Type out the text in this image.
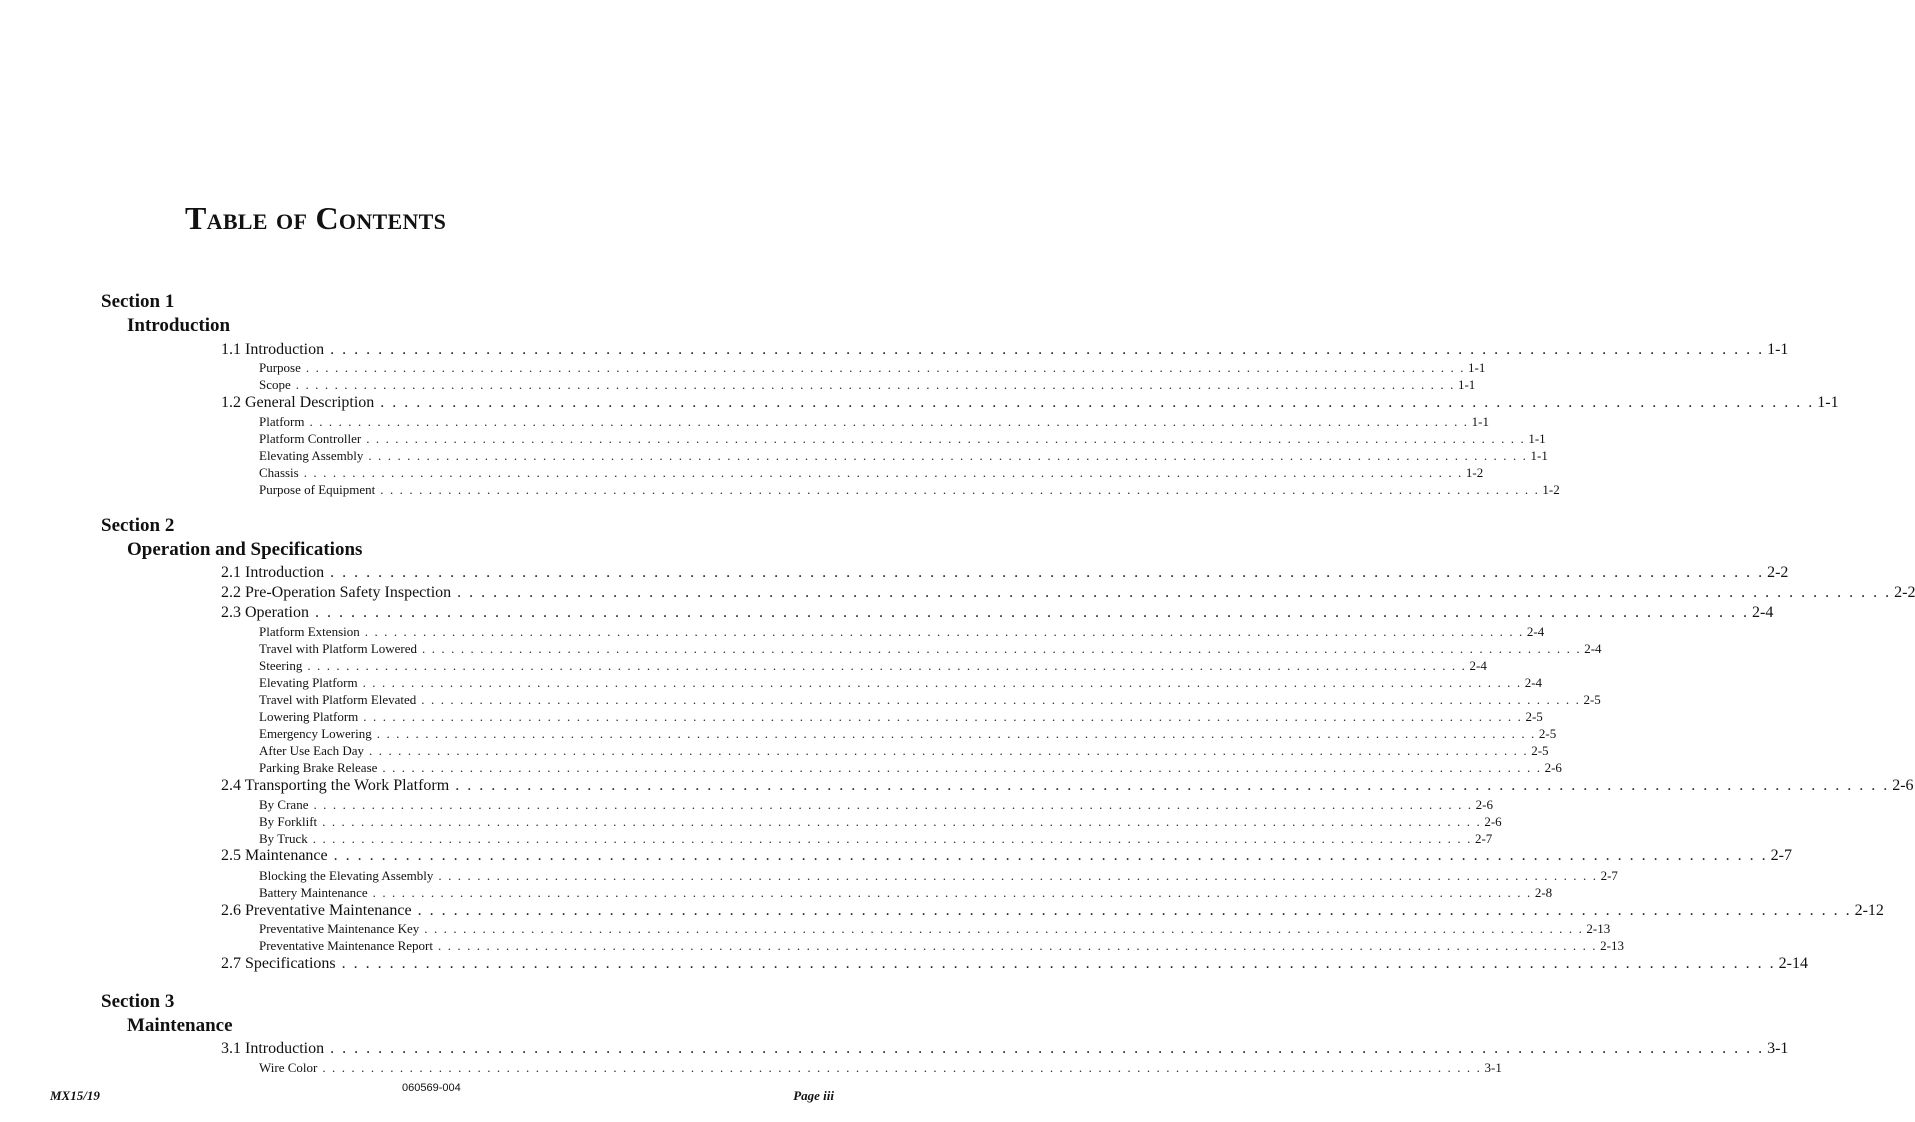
Table of Contents
Section 1
Introduction
1.1 Introduction . . . . . . . . . . . . . . . . . . . . . . . . . . . . . . . . . . . . . . . . . . . . . . . . . . . . . . . . . . . . . . . . . . . . . . . . . . . . . . . . . . . . . . . . . . . . . . . . . . . . . . . . . . . . . . . . . . . . . . . . 1-1
Purpose . . . . . . . . . . . . . . . . . . . . . . . . . . . . . . . . . . . . . . . . . . . . . . . . . . . . . . . . . . . . . . . . . . . . . . . . . . . . . . . . . . . . . . . . . . . . . . . . . . . . . . . . . . . . . . . . . . . . . . . . 1-1
Scope . . . . . . . . . . . . . . . . . . . . . . . . . . . . . . . . . . . . . . . . . . . . . . . . . . . . . . . . . . . . . . . . . . . . . . . . . . . . . . . . . . . . . . . . . . . . . . . . . . . . . . . . . . . . . . . . . . . . . . . . 1-1
1.2 General Description . . . . . . . . . . . . . . . . . . . . . . . . . . . . . . . . . . . . . . . . . . . . . . . . . . . . . . . . . . . . . . . . . . . . . . . . . . . . . . . . . . . . . . . . . . . . . . . . . . . . . . . . . . . . . . . . . . . . . . . . 1-1
Platform . . . . . . . . . . . . . . . . . . . . . . . . . . . . . . . . . . . . . . . . . . . . . . . . . . . . . . . . . . . . . . . . . . . . . . . . . . . . . . . . . . . . . . . . . . . . . . . . . . . . . . . . . . . . . . . . . . . . . . . . 1-1
Platform Controller . . . . . . . . . . . . . . . . . . . . . . . . . . . . . . . . . . . . . . . . . . . . . . . . . . . . . . . . . . . . . . . . . . . . . . . . . . . . . . . . . . . . . . . . . . . . . . . . . . . . . . . . . . . . . . . . . . . . . . . . 1-1
Elevating Assembly . . . . . . . . . . . . . . . . . . . . . . . . . . . . . . . . . . . . . . . . . . . . . . . . . . . . . . . . . . . . . . . . . . . . . . . . . . . . . . . . . . . . . . . . . . . . . . . . . . . . . . . . . . . . . . . . . . . . . . . . 1-1
Chassis . . . . . . . . . . . . . . . . . . . . . . . . . . . . . . . . . . . . . . . . . . . . . . . . . . . . . . . . . . . . . . . . . . . . . . . . . . . . . . . . . . . . . . . . . . . . . . . . . . . . . . . . . . . . . . . . . . . . . . . . 1-2
Purpose of Equipment . . . . . . . . . . . . . . . . . . . . . . . . . . . . . . . . . . . . . . . . . . . . . . . . . . . . . . . . . . . . . . . . . . . . . . . . . . . . . . . . . . . . . . . . . . . . . . . . . . . . . . . . . . . . . . . . . . . . . . . . 1-2
Section 2
Operation and Specifications
2.1 Introduction . . . . . . . . . . . . . . . . . . . . . . . . . . . . . . . . . . . . . . . . . . . . . . . . . . . . . . . . . . . . . . . . . . . . . . . . . . . . . . . . . . . . . . . . . . . . . . . . . . . . . . . . . . . . . . . . . . . . . . . . 2-2
2.2 Pre-Operation Safety Inspection . . . . . . . . . . . . . . . . . . . . . . . . . . . . . . . . . . . . . . . . . . . . . . . . . . . . . . . . . . . . . . . . . . . . . . . . . . . . . . . . . . . . . . . . . . . . . . . . . . . . . . . . . . . . . . . . . . . . . . . . 2-2
2.3 Operation . . . . . . . . . . . . . . . . . . . . . . . . . . . . . . . . . . . . . . . . . . . . . . . . . . . . . . . . . . . . . . . . . . . . . . . . . . . . . . . . . . . . . . . . . . . . . . . . . . . . . . . . . . . . . . . . . . . . . . . . 2-4
Platform Extension . . . . . . . . . . . . . . . . . . . . . . . . . . . . . . . . . . . . . . . . . . . . . . . . . . . . . . . . . . . . . . . . . . . . . . . . . . . . . . . . . . . . . . . . . . . . . . . . . . . . . . . . . . . . . . . . . . . . . . . . 2-4
Travel with Platform Lowered . . . . . . . . . . . . . . . . . . . . . . . . . . . . . . . . . . . . . . . . . . . . . . . . . . . . . . . . . . . . . . . . . . . . . . . . . . . . . . . . . . . . . . . . . . . . . . . . . . . . . . . . . . . . . . . . . . . . . . . . 2-4
Steering . . . . . . . . . . . . . . . . . . . . . . . . . . . . . . . . . . . . . . . . . . . . . . . . . . . . . . . . . . . . . . . . . . . . . . . . . . . . . . . . . . . . . . . . . . . . . . . . . . . . . . . . . . . . . . . . . . . . . . . . 2-4
Elevating Platform . . . . . . . . . . . . . . . . . . . . . . . . . . . . . . . . . . . . . . . . . . . . . . . . . . . . . . . . . . . . . . . . . . . . . . . . . . . . . . . . . . . . . . . . . . . . . . . . . . . . . . . . . . . . . . . . . . . . . . . . 2-4
Travel with Platform Elevated . . . . . . . . . . . . . . . . . . . . . . . . . . . . . . . . . . . . . . . . . . . . . . . . . . . . . . . . . . . . . . . . . . . . . . . . . . . . . . . . . . . . . . . . . . . . . . . . . . . . . . . . . . . . . . . . . . . . . . . . 2-5
Lowering Platform . . . . . . . . . . . . . . . . . . . . . . . . . . . . . . . . . . . . . . . . . . . . . . . . . . . . . . . . . . . . . . . . . . . . . . . . . . . . . . . . . . . . . . . . . . . . . . . . . . . . . . . . . . . . . . . . . . . . . . . . 2-5
Emergency Lowering . . . . . . . . . . . . . . . . . . . . . . . . . . . . . . . . . . . . . . . . . . . . . . . . . . . . . . . . . . . . . . . . . . . . . . . . . . . . . . . . . . . . . . . . . . . . . . . . . . . . . . . . . . . . . . . . . . . . . . . . 2-5
After Use Each Day . . . . . . . . . . . . . . . . . . . . . . . . . . . . . . . . . . . . . . . . . . . . . . . . . . . . . . . . . . . . . . . . . . . . . . . . . . . . . . . . . . . . . . . . . . . . . . . . . . . . . . . . . . . . . . . . . . . . . . . . 2-5
Parking Brake Release . . . . . . . . . . . . . . . . . . . . . . . . . . . . . . . . . . . . . . . . . . . . . . . . . . . . . . . . . . . . . . . . . . . . . . . . . . . . . . . . . . . . . . . . . . . . . . . . . . . . . . . . . . . . . . . . . . . . . . . . 2-6
2.4 Transporting the Work Platform . . . . . . . . . . . . . . . . . . . . . . . . . . . . . . . . . . . . . . . . . . . . . . . . . . . . . . . . . . . . . . . . . . . . . . . . . . . . . . . . . . . . . . . . . . . . . . . . . . . . . . . . . . . . . . . . . . . . . . . . 2-6
By Crane . . . . . . . . . . . . . . . . . . . . . . . . . . . . . . . . . . . . . . . . . . . . . . . . . . . . . . . . . . . . . . . . . . . . . . . . . . . . . . . . . . . . . . . . . . . . . . . . . . . . . . . . . . . . . . . . . . . . . . . . 2-6
By Forklift . . . . . . . . . . . . . . . . . . . . . . . . . . . . . . . . . . . . . . . . . . . . . . . . . . . . . . . . . . . . . . . . . . . . . . . . . . . . . . . . . . . . . . . . . . . . . . . . . . . . . . . . . . . . . . . . . . . . . . . . 2-6
By Truck . . . . . . . . . . . . . . . . . . . . . . . . . . . . . . . . . . . . . . . . . . . . . . . . . . . . . . . . . . . . . . . . . . . . . . . . . . . . . . . . . . . . . . . . . . . . . . . . . . . . . . . . . . . . . . . . . . . . . . . . 2-7
2.5 Maintenance . . . . . . . . . . . . . . . . . . . . . . . . . . . . . . . . . . . . . . . . . . . . . . . . . . . . . . . . . . . . . . . . . . . . . . . . . . . . . . . . . . . . . . . . . . . . . . . . . . . . . . . . . . . . . . . . . . . . . . . . 2-7
Blocking the Elevating Assembly . . . . . . . . . . . . . . . . . . . . . . . . . . . . . . . . . . . . . . . . . . . . . . . . . . . . . . . . . . . . . . . . . . . . . . . . . . . . . . . . . . . . . . . . . . . . . . . . . . . . . . . . . . . . . . . . . . . . . . . . 2-7
Battery Maintenance . . . . . . . . . . . . . . . . . . . . . . . . . . . . . . . . . . . . . . . . . . . . . . . . . . . . . . . . . . . . . . . . . . . . . . . . . . . . . . . . . . . . . . . . . . . . . . . . . . . . . . . . . . . . . . . . . . . . . . . . 2-8
2.6 Preventative Maintenance . . . . . . . . . . . . . . . . . . . . . . . . . . . . . . . . . . . . . . . . . . . . . . . . . . . . . . . . . . . . . . . . . . . . . . . . . . . . . . . . . . . . . . . . . . . . . . . . . . . . . . . . . . . . . . . . . . . . . . . . 2-12
Preventative Maintenance Key . . . . . . . . . . . . . . . . . . . . . . . . . . . . . . . . . . . . . . . . . . . . . . . . . . . . . . . . . . . . . . . . . . . . . . . . . . . . . . . . . . . . . . . . . . . . . . . . . . . . . . . . . . . . . . . . . . . . . . . . 2-13
Preventative Maintenance Report . . . . . . . . . . . . . . . . . . . . . . . . . . . . . . . . . . . . . . . . . . . . . . . . . . . . . . . . . . . . . . . . . . . . . . . . . . . . . . . . . . . . . . . . . . . . . . . . . . . . . . . . . . . . . . . . . . . . . . . . 2-13
2.7 Specifications . . . . . . . . . . . . . . . . . . . . . . . . . . . . . . . . . . . . . . . . . . . . . . . . . . . . . . . . . . . . . . . . . . . . . . . . . . . . . . . . . . . . . . . . . . . . . . . . . . . . . . . . . . . . . . . . . . . . . . . . 2-14
Section 3
Maintenance
3.1 Introduction . . . . . . . . . . . . . . . . . . . . . . . . . . . . . . . . . . . . . . . . . . . . . . . . . . . . . . . . . . . . . . . . . . . . . . . . . . . . . . . . . . . . . . . . . . . . . . . . . . . . . . . . . . . . . . . . . . . . . . . . 3-1
Wire Color . . . . . . . . . . . . . . . . . . . . . . . . . . . . . . . . . . . . . . . . . . . . . . . . . . . . . . . . . . . . . . . . . . . . . . . . . . . . . . . . . . . . . . . . . . . . . . . . . . . . . . . . . . . . . . . . . . . . . . . . 3-1
MX15/19	060569-004	Page iii
